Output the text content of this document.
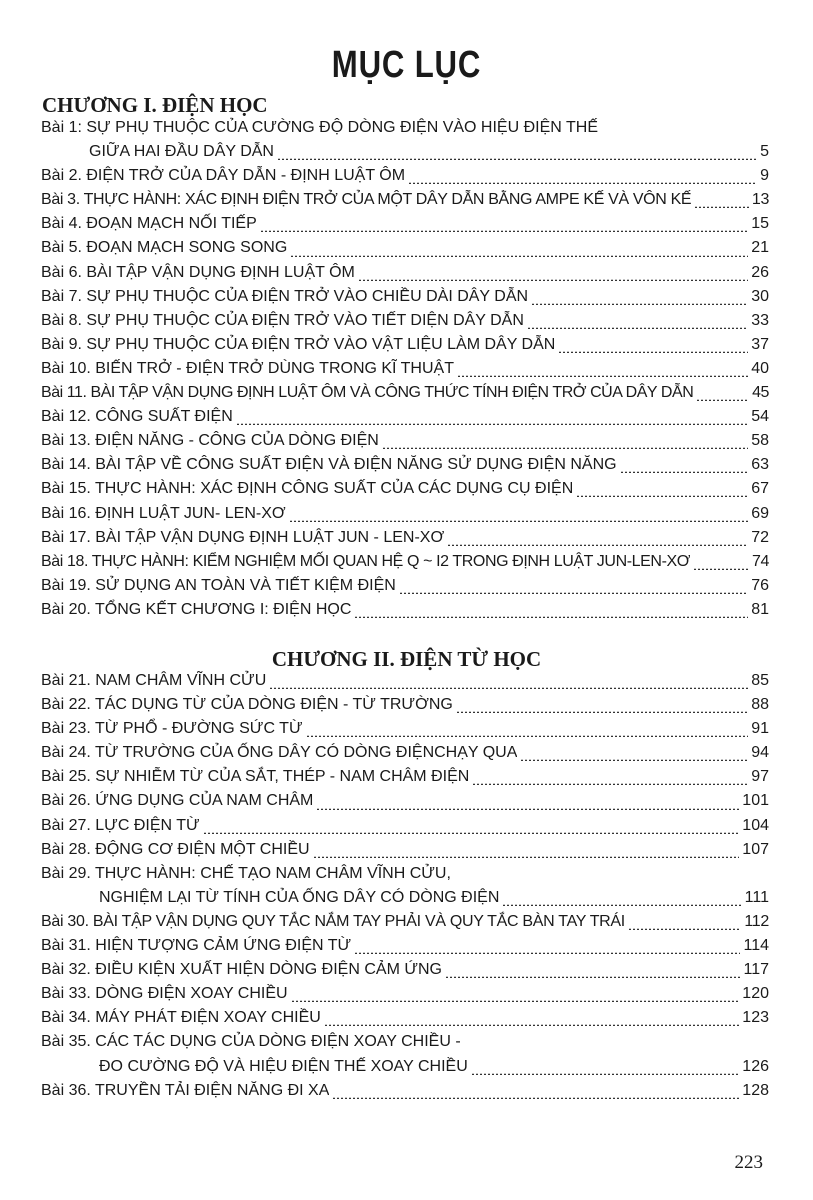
MỤC LỤC
CHƯƠNG I. ĐIỆN HỌC
Bài 1: SỰ PHỤ THUỘC CỦA CƯỜNG ĐỘ DÒNG ĐIỆN VÀO HIỆU ĐIỆN THẾ
GIỮA HAI ĐẦU DÂY DẪN	5
Bài 2. ĐIỆN TRỞ CỦA DÂY DẪN - ĐỊNH LUẬT ÔM	9
Bài 3. THỰC HÀNH: XÁC ĐỊNH ĐIỆN TRỞ CỦA MỘT DÂY DẪN BẰNG AMPE KẾ VÀ VÔN KẾ	13
Bài 4. ĐOẠN MẠCH NỐI TIẾP	15
Bài 5. ĐOẠN MẠCH SONG SONG	21
Bài 6. BÀI TẬP VẬN DỤNG ĐỊNH LUẬT ÔM	26
Bài 7. SỰ PHỤ THUỘC CỦA ĐIỆN TRỞ VÀO CHIỀU DÀI DÂY DẪN	30
Bài 8. SỰ PHỤ THUỘC CỦA ĐIỆN TRỞ VÀO TIẾT DIỆN DÂY DẪN	33
Bài 9. SỰ PHỤ THUỘC CỦA ĐIỆN TRỞ VÀO VẬT LIỆU LÀM DÂY DẪN	37
Bài 10. BIẾN TRỞ - ĐIỆN TRỞ DÙNG TRONG KĨ THUẬT	40
Bài 11. BÀI TẬP VẬN DỤNG ĐỊNH LUẬT ÔM VÀ CÔNG THỨC TÍNH ĐIỆN TRỞ CỦA DÂY DẪN	45
Bài 12. CÔNG SUẤT ĐIỆN	54
Bài 13. ĐIỆN NĂNG - CÔNG CỦA DÒNG ĐIỆN	58
Bài 14. BÀI TẬP VỀ CÔNG SUẤT ĐIỆN VÀ ĐIỆN NĂNG SỬ DỤNG ĐIỆN NĂNG	63
Bài 15. THỰC HÀNH: XÁC ĐỊNH CÔNG SUẤT CỦA CÁC DỤNG CỤ ĐIỆN	67
Bài 16. ĐỊNH LUẬT JUN- LEN-XƠ	69
Bài 17. BÀI TẬP VẬN DỤNG ĐỊNH LUẬT JUN - LEN-XƠ	72
Bài 18. THỰC HÀNH: KIỂM NGHIỆM MỐI QUAN HỆ Q ~ I2 TRONG ĐỊNH LUẬT JUN-LEN-XƠ	74
Bài 19. SỬ DỤNG AN TOÀN VÀ TIẾT KIỆM ĐIỆN	76
Bài 20. TỔNG KẾT CHƯƠNG I: ĐIỆN HỌC	81
CHƯƠNG II. ĐIỆN TỪ HỌC
Bài 21. NAM CHÂM VĨNH CỬU	85
Bài 22. TÁC DỤNG TỪ CỦA DÒNG ĐIỆN - TỪ TRƯỜNG	88
Bài 23. TỪ PHỔ - ĐƯỜNG SỨC TỪ	91
Bài 24. TỪ TRƯỜNG CỦA ỐNG DÂY CÓ DÒNG ĐIỆNCHẠY QUA	94
Bài 25. SỰ NHIỄM TỪ CỦA SẮT, THÉP - NAM CHÂM ĐIỆN	97
Bài 26. ỨNG DỤNG CỦA NAM CHÂM	101
Bài 27. LỰC ĐIỆN TỪ	104
Bài 28. ĐỘNG CƠ ĐIỆN MỘT CHIỀU	107
Bài 29. THỰC HÀNH: CHẾ TẠO NAM CHÂM VĨNH CỬU,
NGHIỆM LẠI TỪ TÍNH CỦA ỐNG DÂY CÓ DÒNG ĐIỆN	111
Bài 30. BÀI TẬP VẬN DỤNG QUY TẮC NẮM TAY PHẢI VÀ QUY TẮC BÀN TAY TRÁI	112
Bài 31. HIỆN TƯỢNG CẢM ỨNG ĐIỆN TỪ	114
Bài 32. ĐIỀU KIỆN XUẤT HIỆN DÒNG ĐIỆN CẢM ỨNG	117
Bài 33. DÒNG ĐIỆN XOAY CHIỀU	120
Bài 34. MÁY PHÁT ĐIỆN XOAY CHIỀU	123
Bài 35. CÁC TÁC DỤNG CỦA DÒNG ĐIỆN XOAY CHIỀU -
ĐO CƯỜNG ĐỘ VÀ HIỆU ĐIỆN THẾ XOAY CHIỀU	126
Bài 36. TRUYỀN TẢI ĐIỆN NĂNG ĐI XA	128
223
